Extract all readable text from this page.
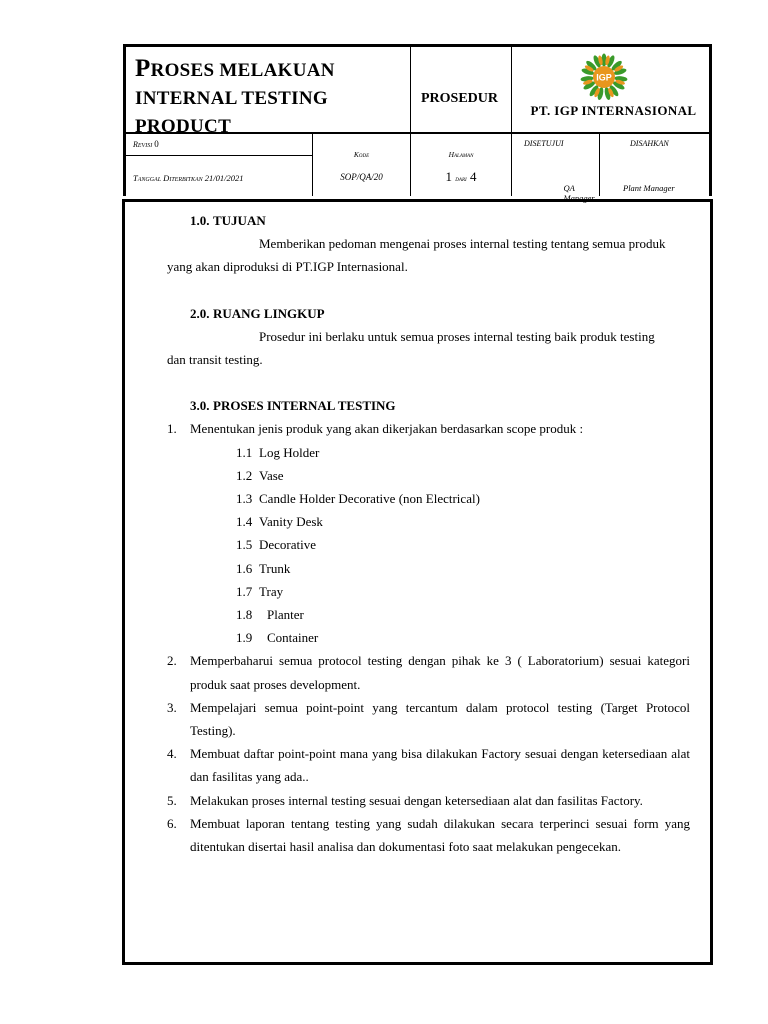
PROSES MELAKUAN
INTERNAL TESTING
PRODUCT
PROSEDUR
IGP
PT. IGP INTERNASIONAL
Revisi 0
Tanggal Diterbitkan 21/01/2021
Kode
SOP/QA/20
Halaman
1 dari 4
DISETUJUI
QA Manager
DISAHKAN
Plant Manager
1.0. TUJUAN

Memberikan pedoman mengenai proses internal testing tentang semua produk
yang akan diproduksi di PT.IGP Internasional.

2.0. RUANG LINGKUP

Prosedur ini berlaku untuk semua proses internal testing baik produk testing
dan transit testing.

3.0. PROSES INTERNAL TESTING
1. Menentukan jenis produk yang akan dikerjakan berdasarkan scope produk :
1.1 Log Holder
1.2 Vase
1.3 Candle Holder Decorative (non Electrical)
1.4 Vanity Desk
1.5 Decorative
1.6 Trunk
1.7 Tray
1.8 Planter
1.9 Container
2. Memperbaharui semua protocol testing dengan pihak ke 3 ( Laboratorium) sesuai kategori produk saat proses development.
3. Mempelajari semua point-point yang tercantum dalam protocol testing (Target Protocol Testing).
4. Membuat daftar point-point mana yang bisa dilakukan Factory sesuai dengan ketersediaan alat dan fasilitas yang ada..
5. Melakukan proses internal testing sesuai dengan ketersediaan alat dan fasilitas Factory.
6. Membuat laporan tentang testing yang sudah dilakukan secara terperinci sesuai form yang ditentukan disertai hasil analisa dan dokumentasi foto saat melakukan pengecekan.
